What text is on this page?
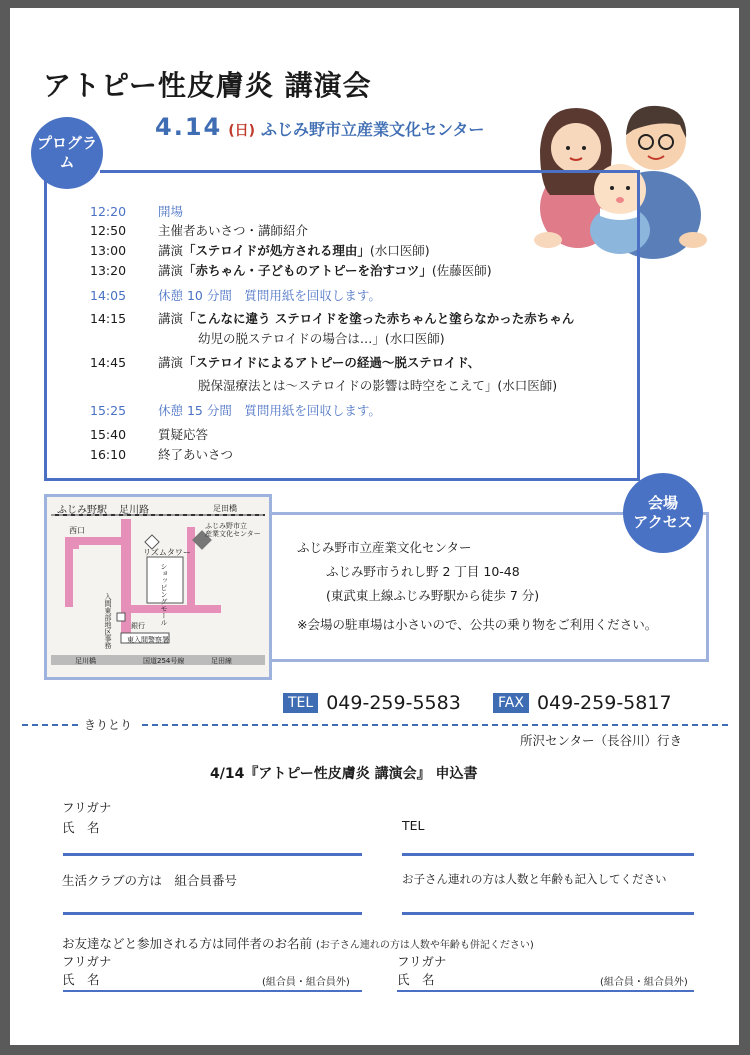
アトピー性皮膚炎 講演会
4.14 (日) ふじみ野市立産業文化センター
プログラム
12:20	開場
12:50	主催者あいさつ・講師紹介
13:00	講演「ステロイドが処方される理由」(水口医師)
13:20	講演「赤ちゃん・子どものアトピーを治すコツ」(佐藤医師)
14:05	休憩 10 分間　質問用紙を回収します。
14:15	講演「こんなに違う ステロイドを塗った赤ちゃんと塗らなかった赤ちゃん
幼児の脱ステロイドの場合は…」(水口医師)
14:45	講演「ステロイドによるアトピーの経過～脱ステロイド、
脱保湿療法とは～ステロイドの影響は時空をこえて」(水口医師)
15:25	休憩 15 分間　質問用紙を回収します。
15:40	質疑応答
16:10	終了あいさつ
ふじみ野駅 足川路	足田橋
ふじみ野市立
産業文化センター
西口
リズムタワー
ショッピングモール
東入間警察署
銀行
入間東部地区事務
足川橋	国道254号線	足田線
会場
アクセス
ふじみ野市立産業文化センター
ふじみ野市うれし野 2 丁目 10-48
(東武東上線ふじみ野駅から徒歩 7 分)
※会場の駐車場は小さいので、公共の乗り物をご利用ください。
TEL 049-259-5583	FAX 049-259-5817
きりとり
所沢センター（長谷川）行き
4/14『アトピー性皮膚炎 講演会』 申込書
フリガナ
氏　名	TEL
生活クラブの方は　組合員番号	お子さん連れの方は人数と年齢も記入してください
お友達などと参加される方は同伴者のお名前 (お子さん連れの方は人数や年齢も併記ください)
フリガナ
氏　名	(組合員・組合員外)
フリガナ
氏　名	(組合員・組合員外)
